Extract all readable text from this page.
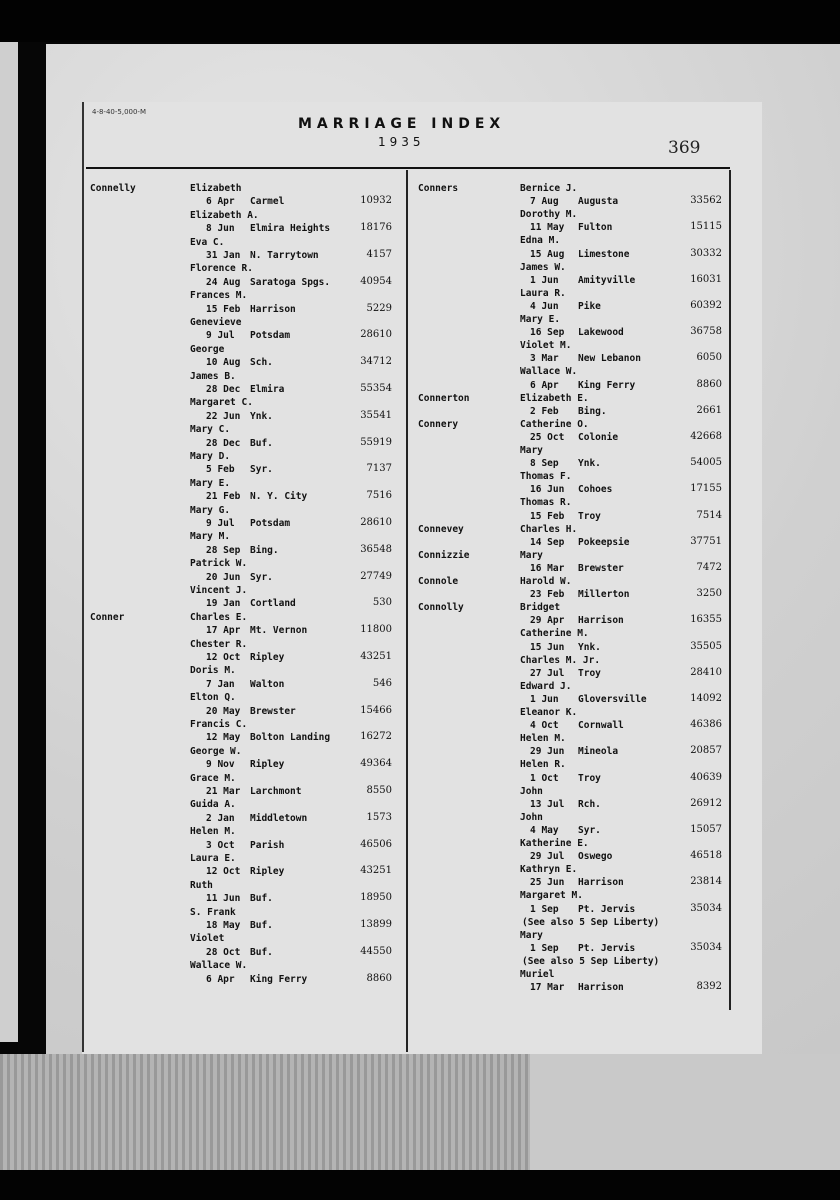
4-8-40-5,000-M
MARRIAGE INDEX
1935	369
Connelly	Elizabeth
6 Apr Carmel	10932
Elizabeth A.
8 Jun Elmira Heights	18176
Eva C.
31 Jan N. Tarrytown	4157
Florence R.
24 Aug Saratoga Spgs.	40954
Frances M.
15 Feb Harrison	5229
Genevieve
9 Jul Potsdam	28610
George
10 Aug Sch.	34712
James B.
28 Dec Elmira	55354
Margaret C.
22 Jun Ynk.	35541
Mary C.
28 Dec Buf.	55919
Mary D.
5 Feb Syr.	7137
Mary E.
21 Feb N. Y. City	7516
Mary G.
9 Jul Potsdam	28610
Mary M.
28 Sep Bing.	36548
Patrick W.
20 Jun Syr.	27749
Vincent J.
19 Jan Cortland	530
Conner	Charles E.
17 Apr Mt. Vernon	11800
Chester R.
12 Oct Ripley	43251
Doris M.
7 Jan Walton	546
Elton Q.
20 May Brewster	15466
Francis C.
12 May Bolton Landing	16272
George W.
9 Nov Ripley	49364
Grace M.
21 Mar Larchmont	8550
Guida A.
2 Jan Middletown	1573
Helen M.
3 Oct Parish	46506
Laura E.
12 Oct Ripley	43251
Ruth
11 Jun Buf.	18950
S. Frank
18 May Buf.	13899
Violet
28 Oct Buf.	44550
Wallace W.
6 Apr King Ferry	8860
Conners	Bernice J.
7 Aug Augusta	33562
Dorothy M.
11 May Fulton	15115
Edna M.
15 Aug Limestone	30332
James W.
1 Jun Amityville	16031
Laura R.
4 Jun Pike	60392
Mary E.
16 Sep Lakewood	36758
Violet M.
3 Mar New Lebanon	6050
Wallace W.
6 Apr King Ferry	8860
Connerton	Elizabeth E.
2 Feb Bing.	2661
Connery	Catherine O.
25 Oct Colonie	42668
Mary
8 Sep Ynk.	54005
Thomas F.
16 Jun Cohoes	17155
Thomas R.
15 Feb Troy	7514
Connevey	Charles H.
14 Sep Pokeepsie	37751
Connizzie	Mary
16 Mar Brewster	7472
Connole	Harold W.
23 Feb Millerton	3250
Connolly	Bridget
29 Apr Harrison	16355
Catherine M.
15 Jun Ynk.	35505
Charles M. Jr.
27 Jul Troy	28410
Edward J.
1 Jun Gloversville	14092
Eleanor K.
4 Oct Cornwall	46386
Helen M.
29 Jun Mineola	20857
Helen R.
1 Oct Troy	40639
John
13 Jul Rch.	26912
John
4 May Syr.	15057
Katherine E.
29 Jul Oswego	46518
Kathryn E.
25 Jun Harrison	23814
Margaret M.
1 Sep Pt. Jervis	35034
(See also 5 Sep Liberty)
Mary
1 Sep Pt. Jervis	35034
(See also 5 Sep Liberty)
Muriel
17 Mar Harrison	8392
